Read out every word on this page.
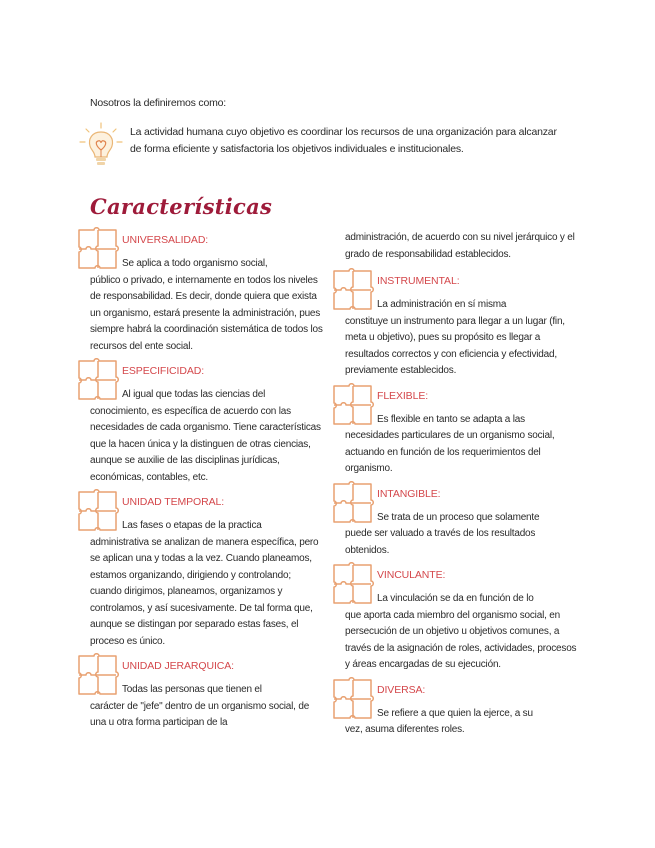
Nosotros la definiremos como:
La actividad humana cuyo objetivo es coordinar los recursos de una organización para alcanzar de forma eficiente y satisfactoria los objetivos individuales e institucionales.
Características
UNIVERSALIDAD:
Se aplica a todo organismo social,
público o privado, e internamente en todos los niveles de responsabilidad. Es decir, donde quiera que exista un organismo, estará presente la administración, pues siempre habrá la coordinación sistemática de todos los recursos del ente social.
ESPECIFICIDAD:
Al igual que todas las ciencias del
conocimiento, es específica de acuerdo con las necesidades de cada organismo. Tiene características que la hacen única y la distinguen de otras ciencias, aunque se auxilie de las disciplinas jurídicas, económicas, contables, etc.
UNIDAD TEMPORAL:
Las fases o etapas de la practica
administrativa se analizan de manera específica, pero se aplican una y todas a la vez. Cuando planeamos, estamos organizando, dirigiendo y controlando; cuando dirigimos, planeamos, organizamos y controlamos, y así sucesivamente. De tal forma que, aunque se distingan por separado estas fases, el proceso es único.
UNIDAD JERARQUICA:
Todas las personas que tienen el
carácter de "jefe" dentro de un organismo social, de una u otra forma participan de la
administración, de acuerdo con su nivel jerárquico y el grado de responsabilidad establecidos.
INSTRUMENTAL:
La administración en sí misma
constituye un instrumento para llegar a un lugar (fin, meta u objetivo), pues su propósito es llegar a resultados correctos y con eficiencia y efectividad, previamente establecidos.
FLEXIBLE:
Es flexible en tanto se adapta a las
necesidades particulares de un organismo social, actuando en función de los requerimientos del organismo.
INTANGIBLE:
Se trata de un proceso que solamente
puede ser valuado a través de los resultados obtenidos.
VINCULANTE:
La vinculación se da en función de lo
que aporta cada miembro del organismo social, en persecución de un objetivo u objetivos comunes, a través de la asignación de roles, actividades, procesos y áreas encargadas de su ejecución.
DIVERSA:
Se refiere a que quien la ejerce, a su
vez, asuma diferentes roles.
